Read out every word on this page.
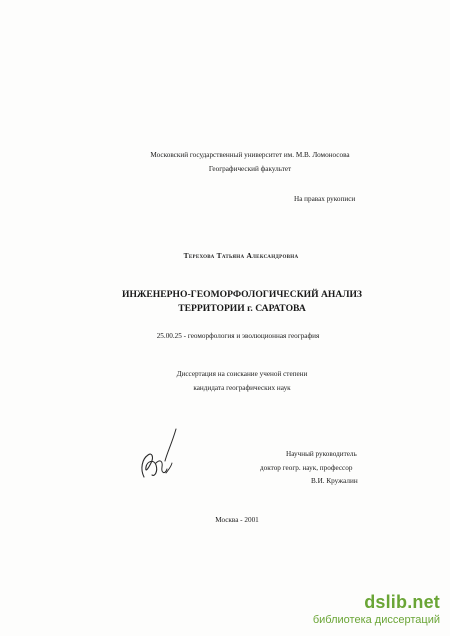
Московский государственный университет им. М.В. Ломоносова
Географический факультет
На правах рукописи
Терехова Татьяна Александровна
ИНЖЕНЕРНО-ГЕОМОРФОЛОГИЧЕСКИЙ АНАЛИЗ
ТЕРРИТОРИИ г. САРАТОВА
25.00.25 - геоморфология и эволюционная география
Диссертация на соискание ученой степени
кандидата географических наук
Научный руководитель
доктор геогр. наук, профессор
В.И. Кружалин
Москва - 2001
dslib.net
библиотека диссертаций
